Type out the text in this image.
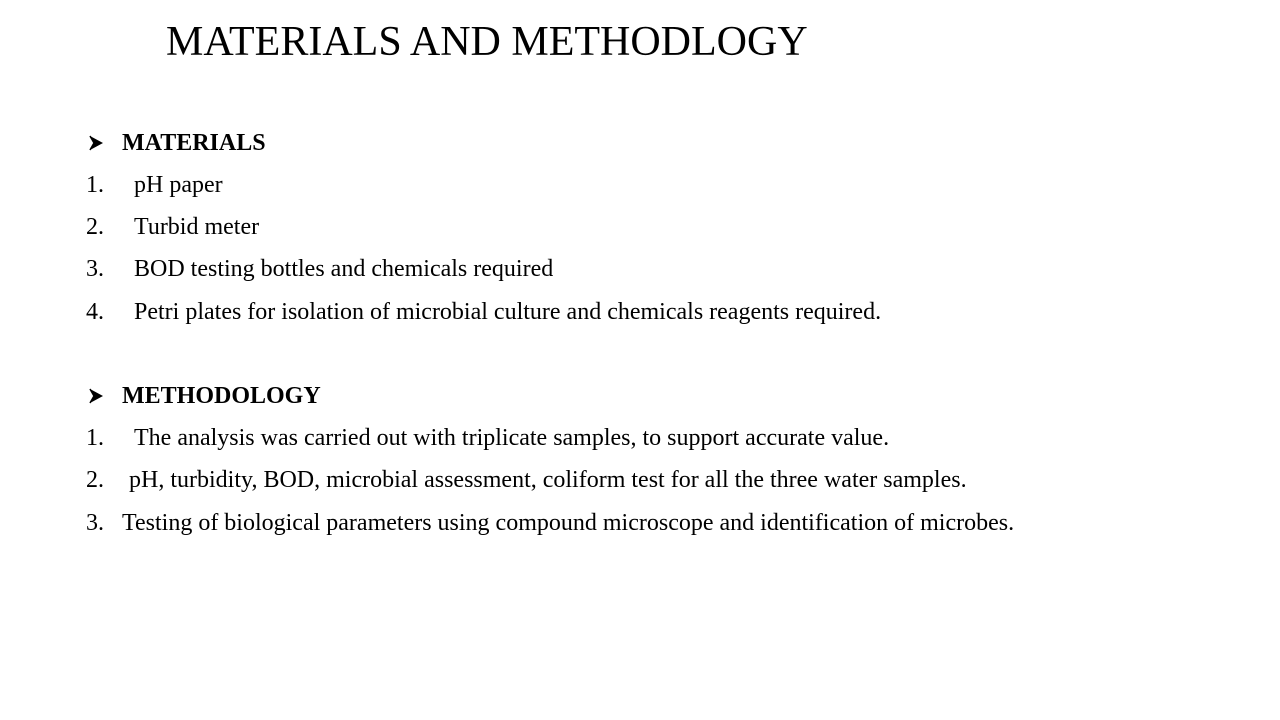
MATERIALS AND METHODLOGY
MATERIALS
1. pH paper
2. Turbid meter
3. BOD testing bottles and chemicals required
4. Petri plates for isolation of microbial culture and chemicals reagents required.
METHODOLOGY
1. The analysis was carried out with triplicate samples, to support accurate value.
2. pH, turbidity, BOD, microbial assessment, coliform test for all the three water samples.
3. Testing of biological parameters using compound microscope and identification of microbes.
